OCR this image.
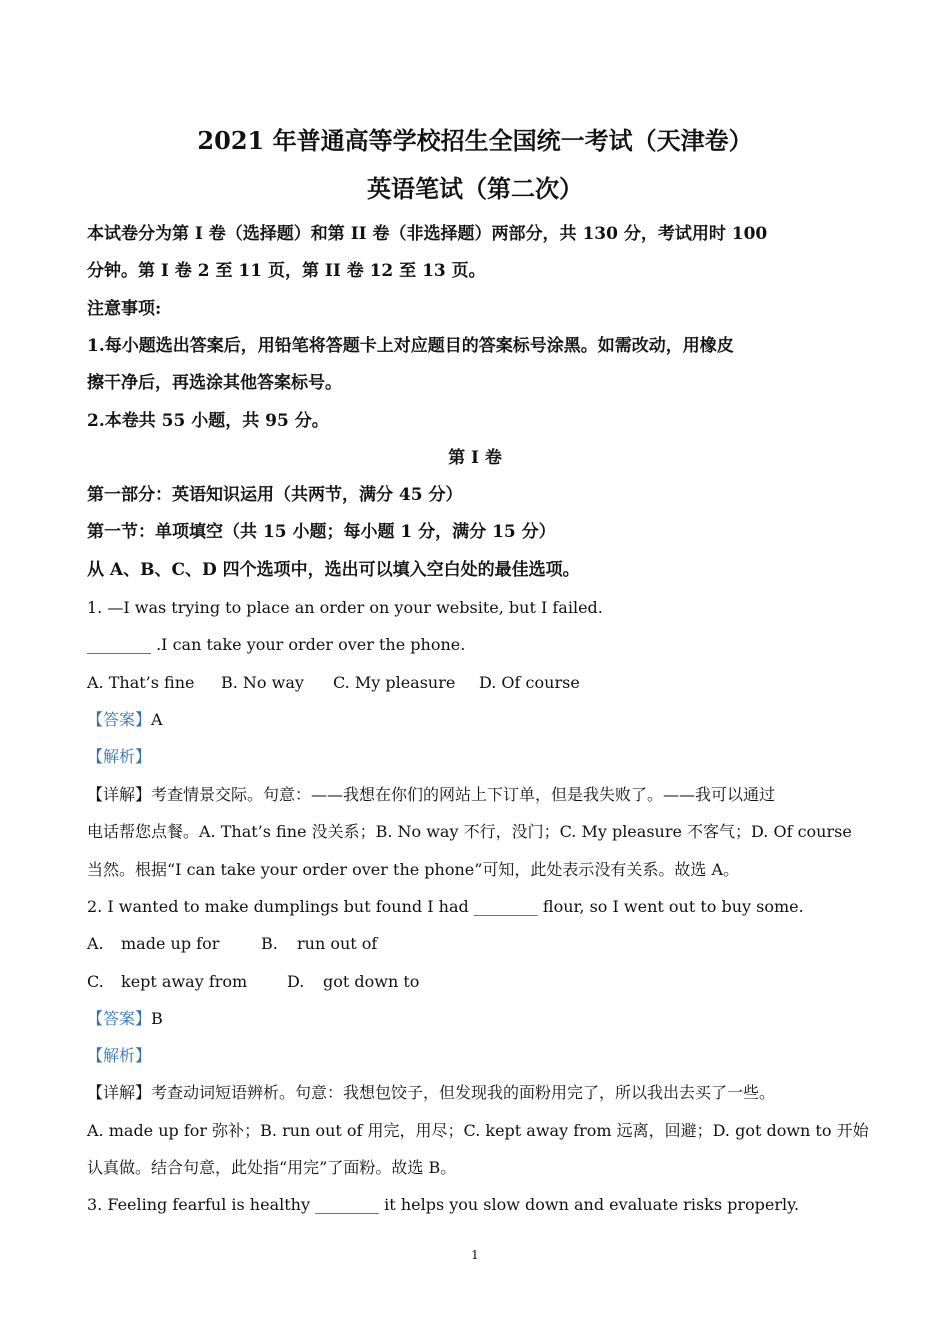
2021 年普通高等学校招生全国统一考试（天津卷）
英语笔试（第二次）
本试卷分为第 I 卷（选择题）和第 II 卷（非选择题）两部分，共 130 分，考试用时 100
分钟。第 I 卷 2 至 11 页，第 II 卷 12 至 13 页。
注意事项:
1.每小题选出答案后，用铅笔将答题卡上对应题目的答案标号涂黑。如需改动，用橡皮
擦干净后，再选涂其他答案标号。
2.本卷共 55 小题，共 95 分。
第 I 卷
第一部分：英语知识运用（共两节，满分 45 分）
第一节：单项填空（共 15 小题；每小题 1 分，满分 15 分）
从 A、B、C、D 四个选项中，选出可以填入空白处的最佳选项。
1. —I was trying to place an order on your website, but I failed.
________ .I can take your order over the phone.
A. That’s fine B. No way C. My pleasure D. Of course
【答案】A
【解析】
【详解】考查情景交际。句意：——我想在你们的网站上下订单，但是我失败了。——我可以通过
电话帮您点餐。A. That’s fine 没关系；B. No way 不行，没门；C. My pleasure 不客气；D. Of course
当然。根据“I can take your order over the phone”可知，此处表示没有关系。故选 A。
2. I wanted to make dumplings but found I had ________ flour, so I went out to buy some.
A. made up for	B. run out of
C. kept away from D. got down to
【答案】B
【解析】
【详解】考查动词短语辨析。句意：我想包饺子，但发现我的面粉用完了，所以我出去买了一些。
A. made up for 弥补；B. run out of 用完，用尽；C. kept away from 远离，回避；D. got down to 开始
认真做。结合句意，此处指“用完”了面粉。故选 B。
3. Feeling fearful is healthy ________ it helps you slow down and evaluate risks properly.
1
